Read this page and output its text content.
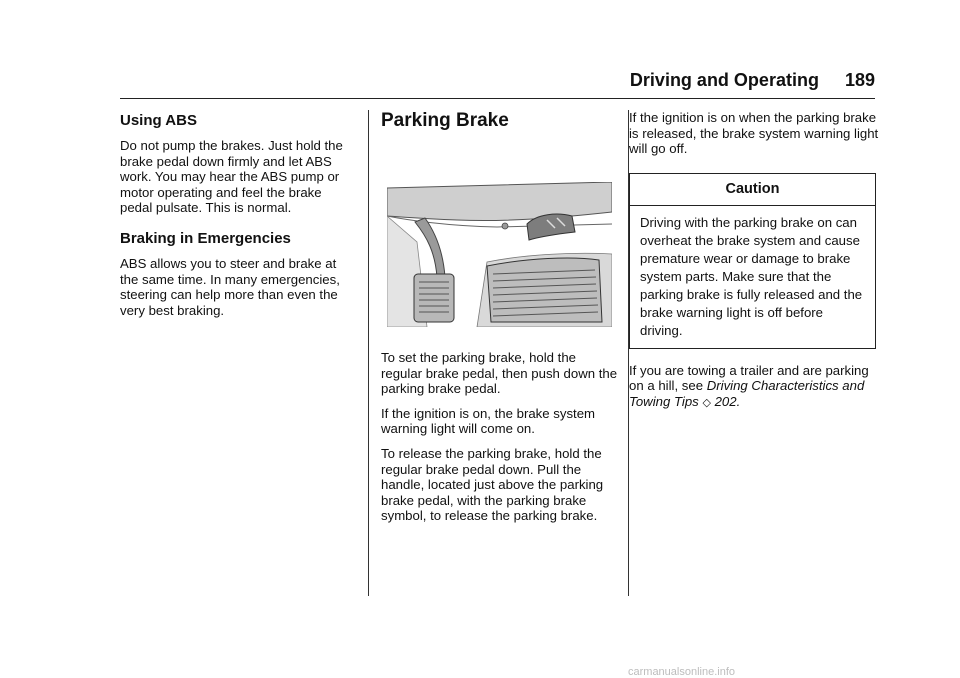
Driving and Operating 189
Using ABS

Do not pump the brakes. Just hold the brake pedal down firmly and let ABS work. You may hear the ABS pump or motor operating and feel the brake pedal pulsate. This is normal.

Braking in Emergencies

ABS allows you to steer and brake at the same time. In many emergencies, steering can help more than even the very best braking.

Parking Brake

To set the parking brake, hold the regular brake pedal, then push down the parking brake pedal.

If the ignition is on, the brake system warning light will come on.

To release the parking brake, hold the regular brake pedal down. Pull the handle, located just above the parking brake pedal, with the parking brake symbol, to release the parking brake.

If the ignition is on when the parking brake is released, the brake system warning light will go off.

Caution
Driving with the parking brake on can overheat the brake system and cause premature wear or damage to brake system parts. Make sure that the parking brake is fully released and the brake warning light is off before driving.

If you are towing a trailer and are parking on a hill, see Driving Characteristics and Towing Tips ◇ 202.

carmanualsonline.info
